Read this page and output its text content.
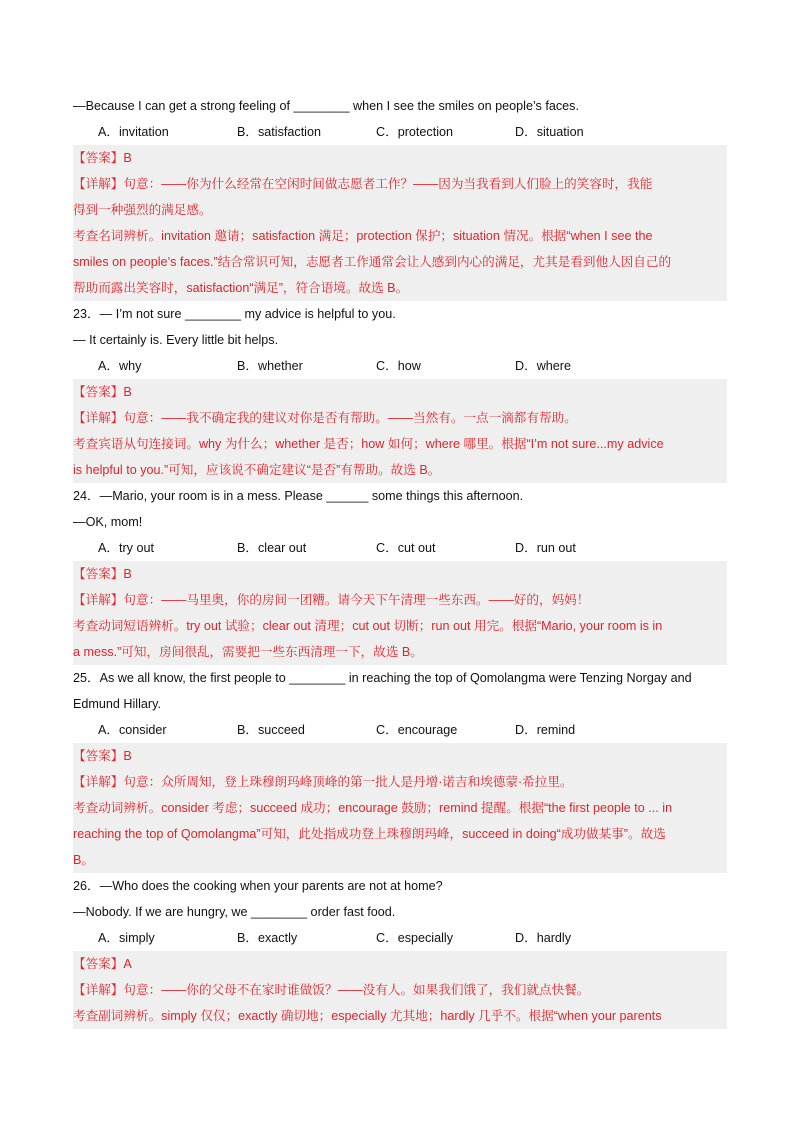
—Because I can get a strong feeling of ________ when I see the smiles on people’s faces.
A．invitation	B．satisfaction	C．protection	D．situation
【答案】B
【详解】句意：——你为什么经常在空闲时间做志愿者工作？——因为当我看到人们脸上的笑容时，我能
得到一种强烈的满足感。
考查名词辨析。invitation 邀请；satisfaction 满足；protection 保护；situation 情况。根据“when I see the
smiles on people’s faces.”结合常识可知，志愿者工作通常会让人感到内心的满足，尤其是看到他人因自己的
帮助而露出笑容时，satisfaction“满足”，符合语境。故选 B。
23．— I’m not sure ________ my advice is helpful to you.
— It certainly is. Every little bit helps.
A．why	B．whether	C．how	D．where
【答案】B
【详解】句意：——我不确定我的建议对你是否有帮助。——当然有。一点一滴都有帮助。
考查宾语从句连接词。why 为什么；whether 是否；how 如何；where 哪里。根据“I’m not sure...my advice
is helpful to you.”可知，应该说不确定建议“是否”有帮助。故选 B。
24．—Mario, your room is in a mess. Please ______ some things this afternoon.
—OK, mom!
A．try out	B．clear out	C．cut out	D．run out
【答案】B
【详解】句意：——马里奥，你的房间一团糟。请今天下午清理一些东西。——好的，妈妈！
考查动词短语辨析。try out 试验；clear out 清理；cut out 切断；run out 用完。根据“Mario, your room is in
a mess.”可知，房间很乱，需要把一些东西清理一下，故选 B。
25．As we all know, the first people to ________ in reaching the top of Qomolangma were Tenzing Norgay and
Edmund Hillary.
A．consider	B．succeed	C．encourage	D．remind
【答案】B
【详解】句意：众所周知，登上珠穆朗玛峰顶峰的第一批人是丹增·诺吉和埃德蒙·希拉里。
考查动词辨析。consider 考虑；succeed 成功；encourage 鼓励；remind 提醒。根据“the first people to ... in
reaching the top of Qomolangma”可知，此处指成功登上珠穆朗玛峰，succeed in doing“成功做某事”。故选
B。
26．—Who does the cooking when your parents are not at home?
—Nobody. If we are hungry, we ________ order fast food.
A．simply	B．exactly	C．especially	D．hardly
【答案】A
【详解】句意：——你的父母不在家时谁做饭？——没有人。如果我们饿了，我们就点快餐。
考查副词辨析。simply 仅仅；exactly 确切地；especially 尤其地；hardly 几乎不。根据“when your parents
